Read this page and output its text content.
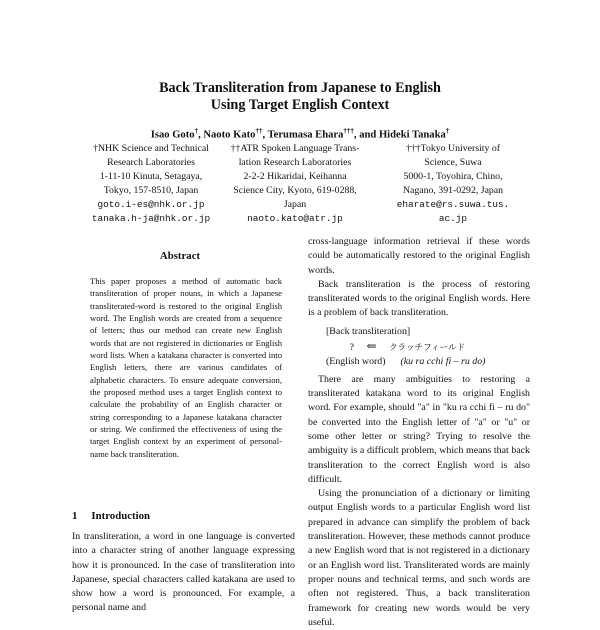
Back Transliteration from Japanese to English
Using Target English Context
Isao Goto†, Naoto Kato††, Terumasa Ehara†††, and Hideki Tanaka†
†NHK Science and Technical
Research Laboratories
1-11-10 Kinuta, Setagaya,
Tokyo, 157-8510, Japan
goto.i-es@nhk.or.jp
tanaka.h-ja@nhk.or.jp
††ATR Spoken Language Trans-
lation Research Laboratories
2-2-2 Hikaridai, Keihanna
Science City, Kyoto, 619-0288,
Japan
naoto.kato@atr.jp
†††Tokyo University of
Science, Suwa
5000-1, Toyohira, Chino,
Nagano, 391-0292, Japan
eharate@rs.suwa.tus.
ac.jp
Abstract
This paper proposes a method of automatic back transliteration of proper nouns, in which a Japanese transliterated-word is restored to the original English word. The English words are created from a sequence of letters; thus our method can create new English words that are not registered in dictionaries or English word lists. When a katakana character is converted into English letters, there are various candidates of alphabetic characters. To ensure adequate conversion, the proposed method uses a target English context to calculate the probability of an English character or string corresponding to a Japanese katakana character or string. We confirmed the effectiveness of using the target English context by an experiment of personal-name back transliteration.
1 Introduction
In transliteration, a word in one language is converted into a character string of another language expressing how it is pronounced. In the case of transliteration into Japanese, special characters called katakana are used to show how a word is pronounced. For example, a personal name and

cross-language information retrieval if these words could be automatically restored to the original English words.

Back transliteration is the process of restoring transliterated words to the original English words. Here is a problem of back transliteration.

[Back transliteration]
? ⇐ クラッチフィールド
(English word) (ku ra cchi fi – ru do)

There are many ambiguities to restoring a transliterated katakana word to its original English word. For example, should "a" in "ku ra cchi fi – ru do" be converted into the English letter of "a" or "u" or some other letter or string? Trying to resolve the ambiguity is a difficult problem, which means that back transliteration to the correct English word is also difficult.

Using the pronunciation of a dictionary or limiting output English words to a particular English word list prepared in advance can simplify the problem of back transliteration. However, these methods cannot produce a new English word that is not registered in a dictionary or an English word list. Transliterated words are mainly proper nouns and technical terms, and such words are often not registered. Thus, a back transliteration framework for creating new words would be very useful.
